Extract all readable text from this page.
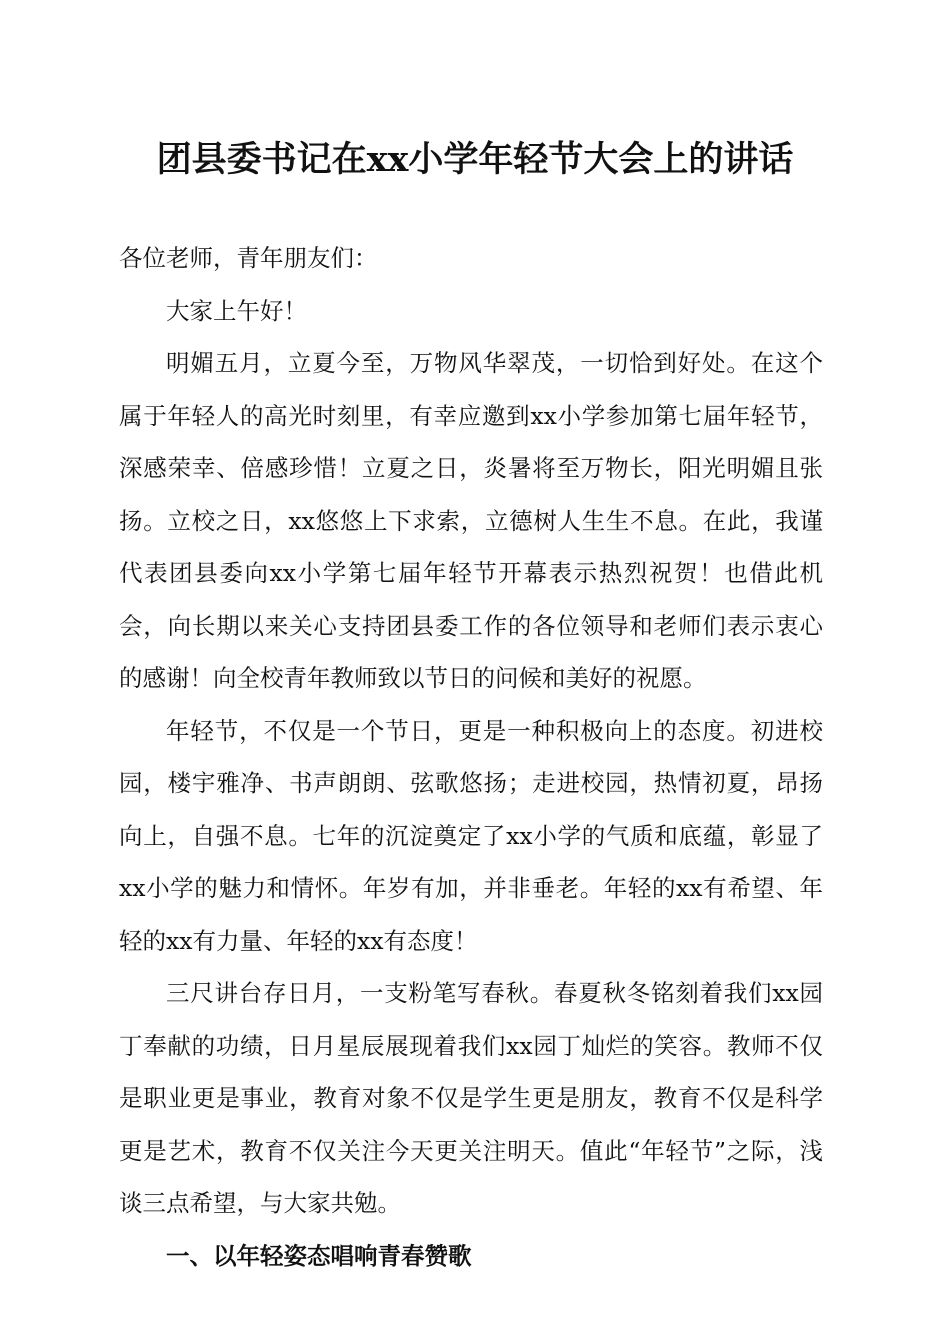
团县委书记在xx小学年轻节大会上的讲话

各位老师，青年朋友们：

大家上午好！

明媚五月，立夏今至，万物风华翠茂，一切恰到好处。在这个属于年轻人的高光时刻里，有幸应邀到xx小学参加第七届年轻节，深感荣幸、倍感珍惜！立夏之日，炎暑将至万物长，阳光明媚且张扬。立校之日，xx悠悠上下求索，立德树人生生不息。在此，我谨代表团县委向xx小学第七届年轻节开幕表示热烈祝贺！也借此机会，向长期以来关心支持团县委工作的各位领导和老师们表示衷心的感谢！向全校青年教师致以节日的问候和美好的祝愿。

年轻节，不仅是一个节日，更是一种积极向上的态度。初进校园，楼宇雅净、书声朗朗、弦歌悠扬；走进校园，热情初夏，昂扬向上，自强不息。七年的沉淀奠定了xx小学的气质和底蕴，彰显了xx小学的魅力和情怀。年岁有加，并非垂老。年轻的xx有希望、年轻的xx有力量、年轻的xx有态度！

三尺讲台存日月，一支粉笔写春秋。春夏秋冬铭刻着我们xx园丁奉献的功绩，日月星辰展现着我们xx园丁灿烂的笑容。教师不仅是职业更是事业，教育对象不仅是学生更是朋友，教育不仅是科学更是艺术，教育不仅关注今天更关注明天。值此“年轻节”之际，浅谈三点希望，与大家共勉。

一、以年轻姿态唱响青春赞歌
